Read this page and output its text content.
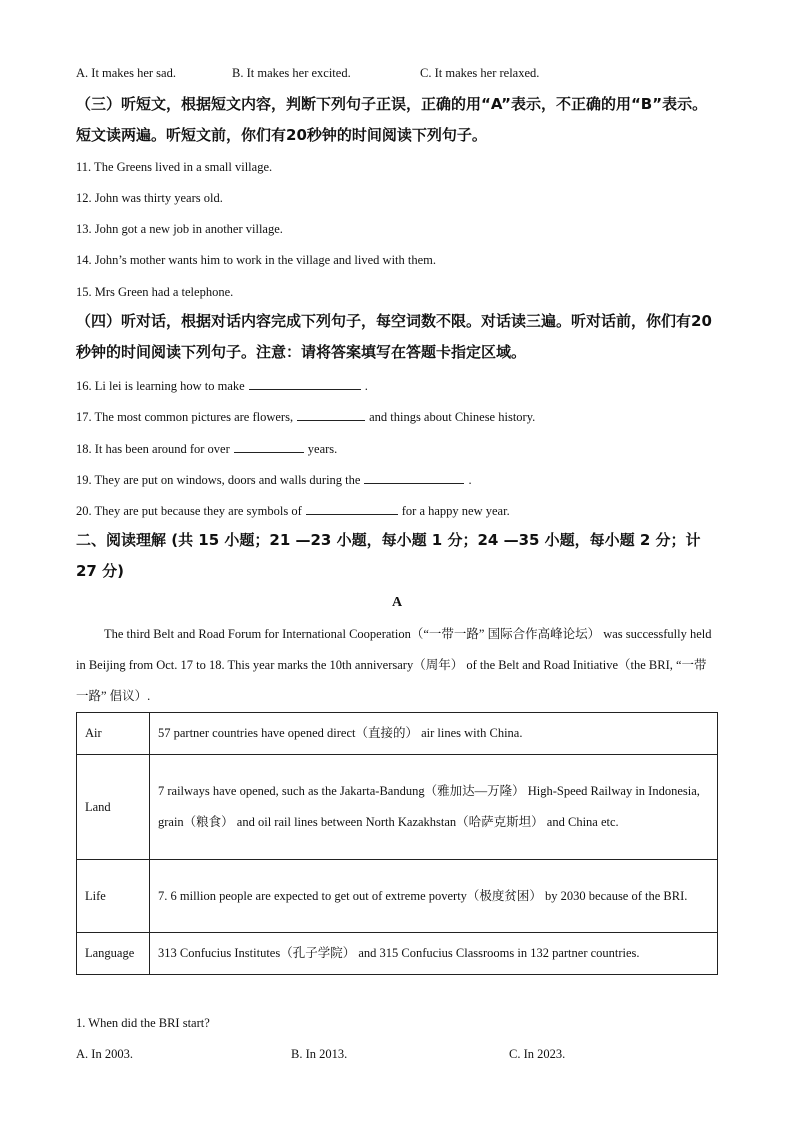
A. It makes her sad.	B. It makes her excited.	C. It makes her relaxed.
（三）听短文，根据短文内容，判断下列句子正误，正确的用“A”表示，不正确的用“B”表示。短文读两遍。听短文前，你们有20秒钟的时间阅读下列句子。
11. The Greens lived in a small village.
12. John was thirty years old.
13. John got a new job in another village.
14. John’s mother wants him to work in the village and lived with them.
15. Mrs Green had a telephone.
（四）听对话，根据对话内容完成下列句子，每空词数不限。对话读三遍。听对话前，你们有20秒钟的时间阅读下列句子。注意：请将答案填写在答题卡指定区域。
16. Li lei is learning how to make	.
17. The most common pictures are flowers,	and things about Chinese history.
18. It has been around for over	years.
19. They are put on windows, doors and walls during the	.
20. They are put because they are symbols of	for a happy new year.
二、阅读理解 (共 15 小题；21 —23 小题，每小题 1 分；24 —35 小题，每小题 2 分；计 27 分)
A
The third Belt and Road Forum for International Cooperation（“一带一路” 国际合作高峰论坛） was successfully held in Beijing from Oct. 17 to 18. This year marks the 10th anniversary（周年） of the Belt and Road Initiative（the BRI, “一带一路” 倡议）.
Air	57 partner countries have opened direct（直接的） air lines with China.
Land	7 railways have opened, such as the Jakarta-Bandung（雅加达—万隆） High-Speed Railway in Indonesia, grain（粮食） and oil rail lines between North Kazakhstan（哈萨克斯坦） and China etc.
Life	7. 6 million people are expected to get out of extreme poverty（极度贫困） by 2030 because of the BRI.
Language	313 Confucius Institutes（孔子学院） and 315 Confucius Classrooms in 132 partner countries.
1. When did the BRI start?
A. In 2003.	B. In 2013.	C. In 2023.
